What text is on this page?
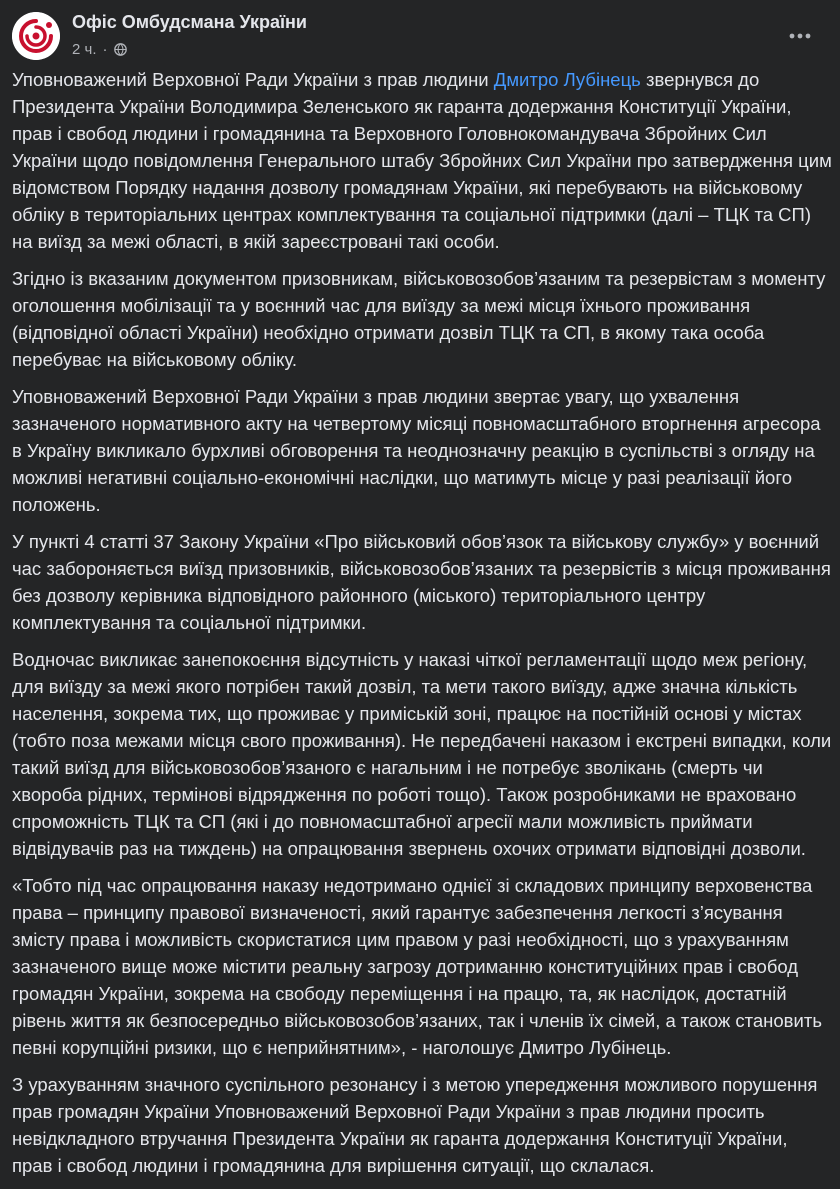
Офіс Омбудсмана України
2 ч. ·

Уповноважений Верховної Ради України з прав людини Дмитро Лубінець звернувся до Президента України Володимира Зеленського як гаранта додержання Конституції України, прав і свобод людини і громадянина та Верховного Головнокомандувача Збройних Сил України щодо повідомлення Генерального штабу Збройних Сил України про затвердження цим відомством Порядку надання дозволу громадянам України, які перебувають на військовому обліку в територіальних центрах комплектування та соціальної підтримки (далі – ТЦК та СП) на виїзд за межі області, в якій зареєстровані такі особи.

Згідно із вказаним документом призовникам, військовозобов’язаним та резервістам з моменту оголошення мобілізації та у воєнний час для виїзду за межі місця їхнього проживання (відповідної області України) необхідно отримати дозвіл ТЦК та СП, в якому така особа перебуває на військовому обліку.

Уповноважений Верховної Ради України з прав людини звертає увагу, що ухвалення зазначеного нормативного акту на четвертому місяці повномасштабного вторгнення агресора в Україну викликало бурхливі обговорення та неоднозначну реакцію в суспільстві з огляду на можливі негативні соціально-економічні наслідки, що матимуть місце у разі реалізації його положень.

У пункті 4 статті 37 Закону України «Про військовий обов’язок та військову службу» у воєнний час забороняється виїзд призовників, військовозобов’язаних та резервістів з місця проживання без дозволу керівника відповідного районного (міського) територіального центру комплектування та соціальної підтримки.

Водночас викликає занепокоєння відсутність у наказі чіткої регламентації щодо меж регіону, для виїзду за межі якого потрібен такий дозвіл, та мети такого виїзду, адже значна кількість населення, зокрема тих, що проживає у приміській зоні, працює на постійній основі у містах (тобто поза межами місця свого проживання). Не передбачені наказом і екстрені випадки, коли такий виїзд для військовозобов’язаного є нагальним і не потребує зволікань (смерть чи хвороба рідних, термінові відрядження по роботі тощо). Також розробниками не враховано спроможність ТЦК та СП (які і до повномасштабної агресії мали можливість приймати відвідувачів раз на тиждень) на опрацювання звернень охочих отримати відповідні дозволи.

«Тобто під час опрацювання наказу недотримано однієї зі складових принципу верховенства права – принципу правової визначеності, який гарантує забезпечення легкості з’ясування змісту права і можливість скористатися цим правом у разі необхідності, що з урахуванням зазначеного вище може містити реальну загрозу дотриманню конституційних прав і свобод громадян України, зокрема на свободу переміщення і на працю, та, як наслідок, достатній рівень життя як безпосередньо військовозобов’язаних, так і членів їх сімей, а також становить певні корупційні ризики, що є неприйнятним», - наголошує Дмитро Лубінець.

З урахуванням значного суспільного резонансу і з метою упередження можливого порушення прав громадян України Уповноважений Верховної Ради України з прав людини просить невідкладного втручання Президента України як гаранта додержання Конституції України, прав і свобод людини і громадянина для вирішення ситуації, що склалася.
